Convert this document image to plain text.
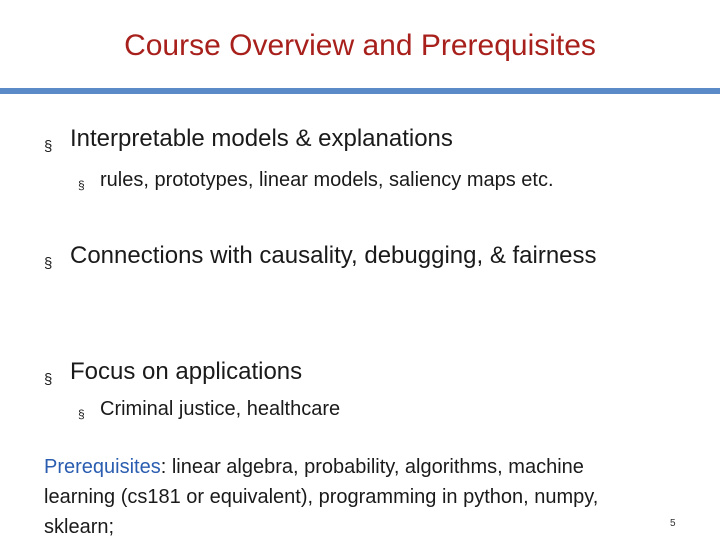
Course Overview and Prerequisites
§ Interpretable models & explanations
§ rules, prototypes, linear models, saliency maps etc.
§ Connections with causality, debugging, & fairness
§ Focus on applications
§ Criminal justice, healthcare
Prerequisites: linear algebra, probability, algorithms, machine learning (cs181 or equivalent), programming in python, numpy, sklearn;	5
